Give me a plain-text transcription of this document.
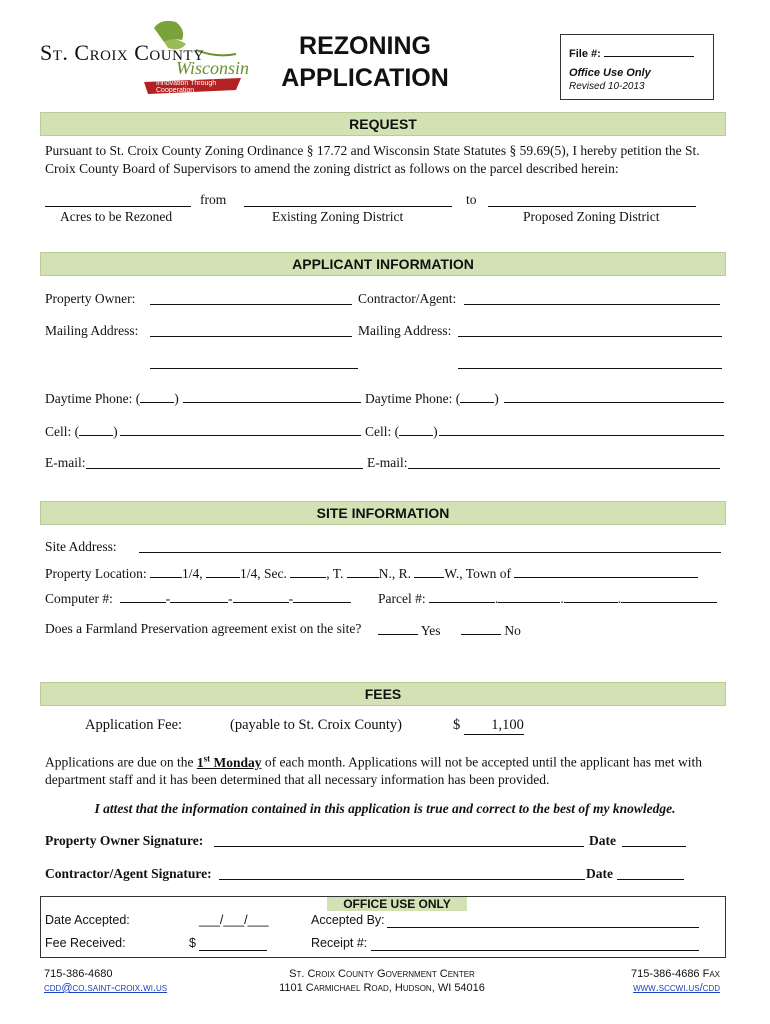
St. Croix County
Wisconsin
Innovation Through Cooperation
REZONING
APPLICATION
File #:
Office Use Only
Revised 10-2013
REQUEST
Pursuant to St. Croix County Zoning Ordinance § 17.72 and Wisconsin State Statutes § 59.69(5), I hereby petition the St. Croix County Board of Supervisors to amend the zoning district as follows on the parcel described herein:
from	to
Acres to be Rezoned	Existing Zoning District	Proposed Zoning District
APPLICANT INFORMATION
Property Owner:	Contractor/Agent:
Mailing Address:	Mailing Address:
Daytime Phone: (	)	Daytime Phone: (	)
Cell: (	)	Cell: (	)
E-mail:	E-mail:
SITE INFORMATION
Site Address:
Property Location:	1/4,	1/4, Sec.	, T.	N., R. W., Town of
Computer #:	-	-	-	Parcel #:	.	.	.
Does a Farmland Preservation agreement exist on the site?	Yes	No
FEES
Application Fee:	(payable to St. Croix County)	$ 1,100
Applications are due on the 1st Monday of each month. Applications will not be accepted until the applicant has met with department staff and it has been determined that all necessary information has been provided.
I attest that the information contained in this application is true and correct to the best of my knowledge.
Property Owner Signature:	Date
Contractor/Agent Signature:	Date
OFFICE USE ONLY
Date Accepted:	___/___/___	Accepted By:
Fee Received:	$	Receipt #:
715-386-4680
cdd@co.saint-croix.wi.us
St. Croix County Government Center
1101 Carmichael Road, Hudson, WI 54016
715-386-4686 Fax
www.sccwi.us/cdd
